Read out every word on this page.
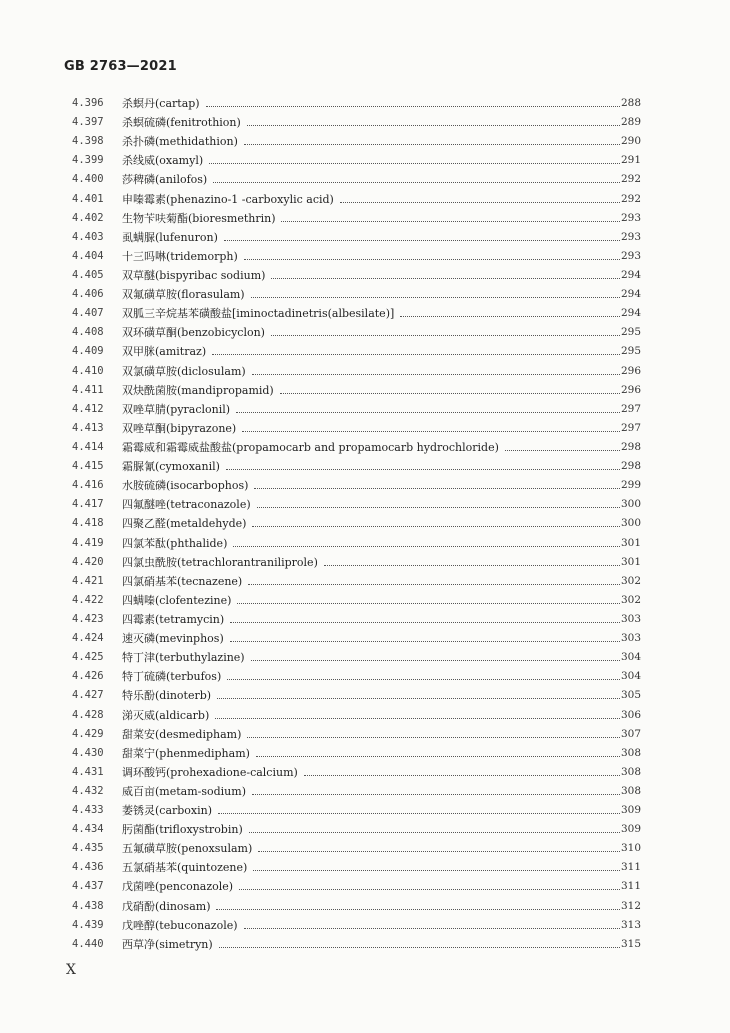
GB 2763—2021
4.396	杀螟丹(cartap)	288
4.397	杀螟硫磷(fenitrothion)	289
4.398	杀扑磷(methidathion)	290
4.399	杀线威(oxamyl)	291
4.400	莎稗磷(anilofos)	292
4.401	申嗪霉素(phenazino-1 -carboxylic acid)	292
4.402	生物苄呋菊酯(bioresmethrin)	293
4.403	虱螨脲(lufenuron)	293
4.404	十三吗啉(tridemorph)	293
4.405	双草醚(bispyribac sodium)	294
4.406	双氟磺草胺(florasulam)	294
4.407	双胍三辛烷基苯磺酸盐[iminoctadinetris(albesilate)]	294
4.408	双环磺草酮(benzobicyclon)	295
4.409	双甲脒(amitraz)	295
4.410	双氯磺草胺(diclosulam)	296
4.411	双炔酰菌胺(mandipropamid)	296
4.412	双唑草腈(pyraclonil)	297
4.413	双唑草酮(bipyrazone)	297
4.414	霜霉威和霜霉威盐酸盐(propamocarb and propamocarb hydrochloride)	298
4.415	霜脲氰(cymoxanil)	298
4.416	水胺硫磷(isocarbophos)	299
4.417	四氟醚唑(tetraconazole)	300
4.418	四聚乙醛(metaldehyde)	300
4.419	四氯苯酞(phthalide)	301
4.420	四氯虫酰胺(tetrachlorantraniliprole)	301
4.421	四氯硝基苯(tecnazene)	302
4.422	四螨嗪(clofentezine)	302
4.423	四霉素(tetramycin)	303
4.424	速灭磷(mevinphos)	303
4.425	特丁津(terbuthylazine)	304
4.426	特丁硫磷(terbufos)	304
4.427	特乐酚(dinoterb)	305
4.428	涕灭威(aldicarb)	306
4.429	甜菜安(desmedipham)	307
4.430	甜菜宁(phenmedipham)	308
4.431	调环酸钙(prohexadione-calcium)	308
4.432	威百亩(metam-sodium)	308
4.433	萎锈灵(carboxin)	309
4.434	肟菌酯(trifloxystrobin)	309
4.435	五氟磺草胺(penoxsulam)	310
4.436	五氯硝基苯(quintozene)	311
4.437	戊菌唑(penconazole)	311
4.438	戊硝酚(dinosam)	312
4.439	戊唑醇(tebuconazole)	313
4.440	西草净(simetryn)	315
X
